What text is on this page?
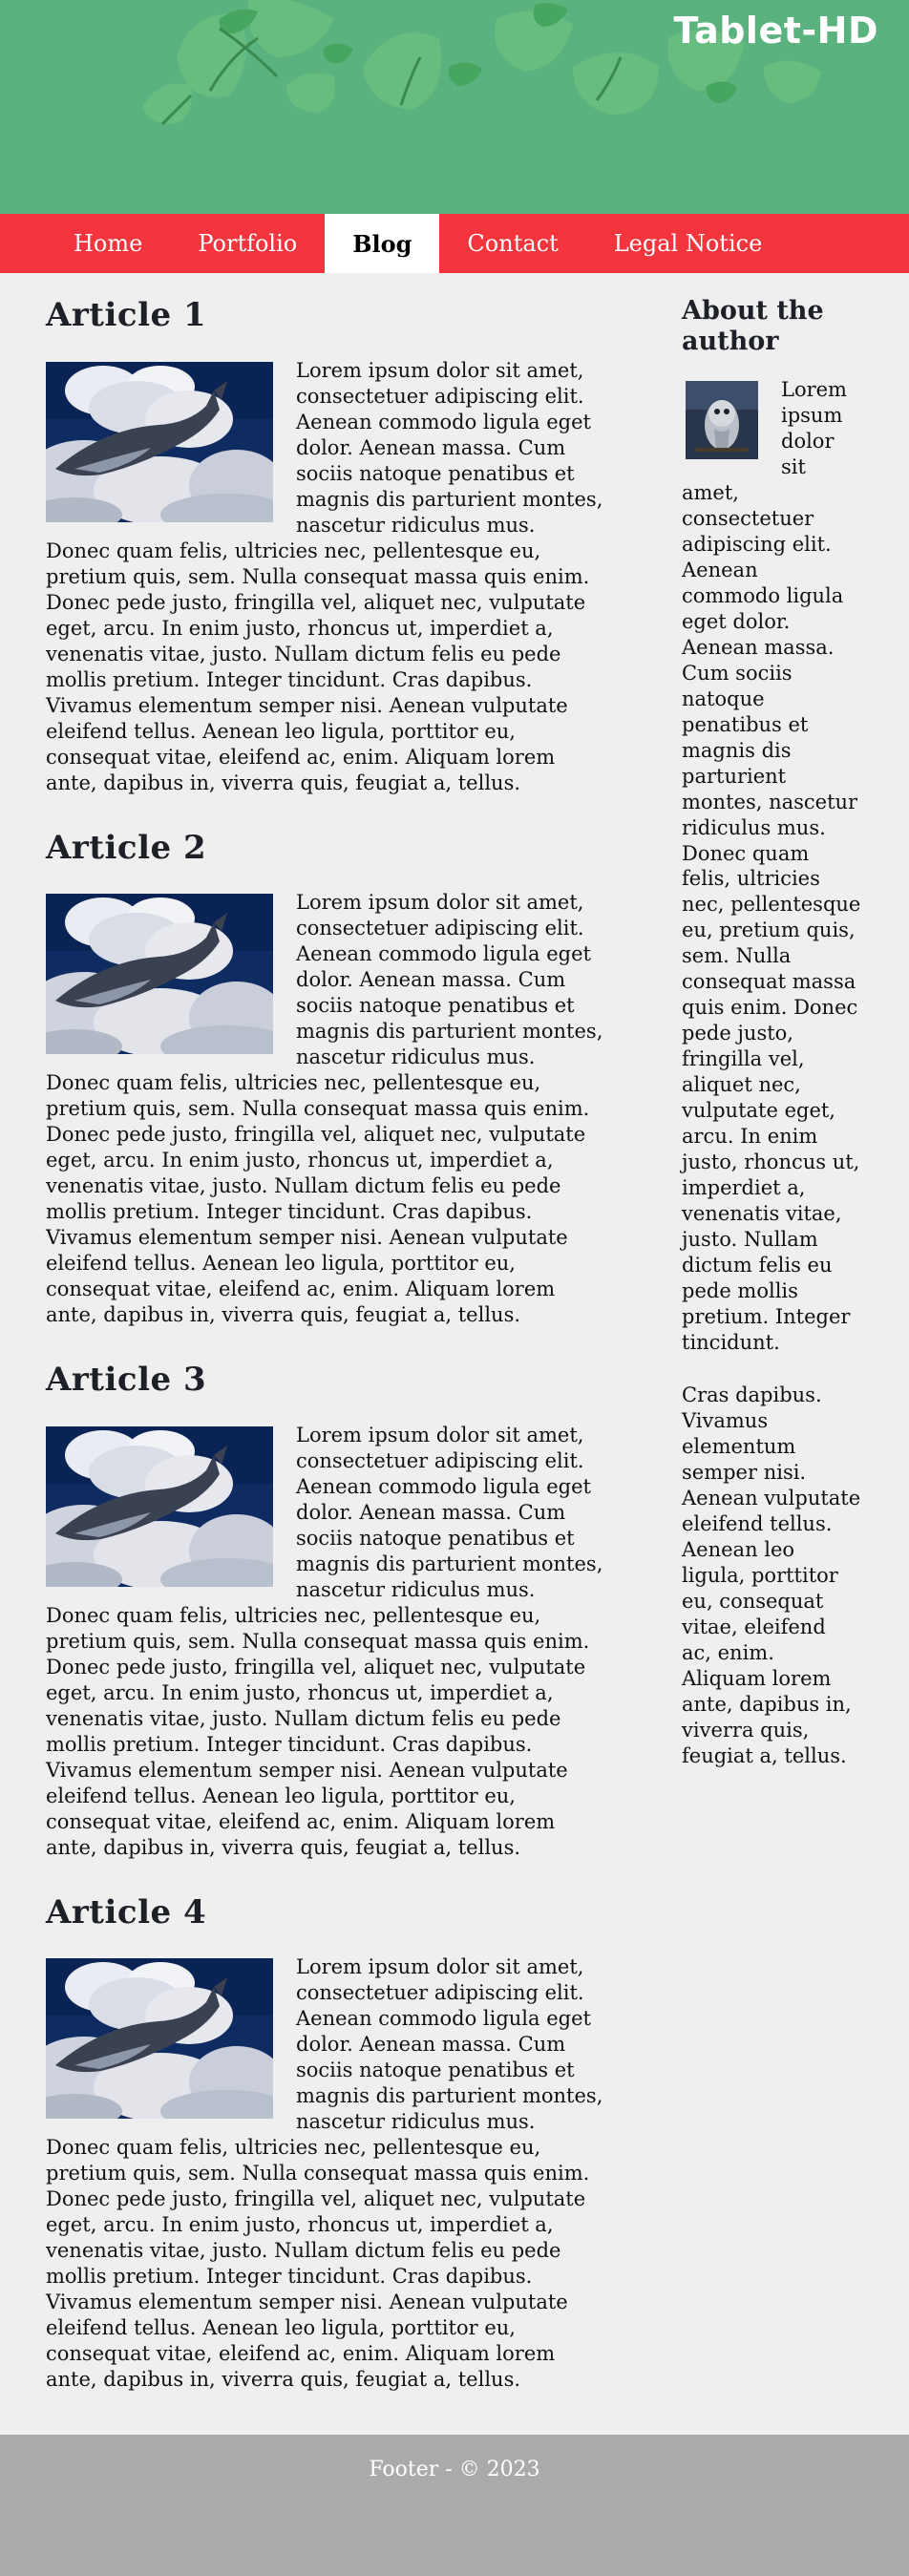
Tablet-HD
Home	Portfolio	Blog	Contact	Legal Notice
Article 1

Lorem ipsum dolor sit amet, consectetuer adipiscing elit. Aenean commodo ligula eget dolor. Aenean massa. Cum sociis natoque penatibus et magnis dis parturient montes, nascetur ridiculus mus. Donec quam felis, ultricies nec, pellentesque eu, pretium quis, sem. Nulla consequat massa quis enim. Donec pede justo, fringilla vel, aliquet nec, vulputate eget, arcu. In enim justo, rhoncus ut, imperdiet a, venenatis vitae, justo. Nullam dictum felis eu pede mollis pretium. Integer tincidunt. Cras dapibus. Vivamus elementum semper nisi. Aenean vulputate eleifend tellus. Aenean leo ligula, porttitor eu, consequat vitae, eleifend ac, enim. Aliquam lorem ante, dapibus in, viverra quis, feugiat a, tellus.

Article 2

Lorem ipsum dolor sit amet, consectetuer adipiscing elit. Aenean commodo ligula eget dolor. Aenean massa. Cum sociis natoque penatibus et magnis dis parturient montes, nascetur ridiculus mus. Donec quam felis, ultricies nec, pellentesque eu, pretium quis, sem. Nulla consequat massa quis enim. Donec pede justo, fringilla vel, aliquet nec, vulputate eget, arcu. In enim justo, rhoncus ut, imperdiet a, venenatis vitae, justo. Nullam dictum felis eu pede mollis pretium. Integer tincidunt. Cras dapibus. Vivamus elementum semper nisi. Aenean vulputate eleifend tellus. Aenean leo ligula, porttitor eu, consequat vitae, eleifend ac, enim. Aliquam lorem ante, dapibus in, viverra quis, feugiat a, tellus.

Article 3

Lorem ipsum dolor sit amet, consectetuer adipiscing elit. Aenean commodo ligula eget dolor. Aenean massa. Cum sociis natoque penatibus et magnis dis parturient montes, nascetur ridiculus mus. Donec quam felis, ultricies nec, pellentesque eu, pretium quis, sem. Nulla consequat massa quis enim. Donec pede justo, fringilla vel, aliquet nec, vulputate eget, arcu. In enim justo, rhoncus ut, imperdiet a, venenatis vitae, justo. Nullam dictum felis eu pede mollis pretium. Integer tincidunt. Cras dapibus. Vivamus elementum semper nisi. Aenean vulputate eleifend tellus. Aenean leo ligula, porttitor eu, consequat vitae, eleifend ac, enim. Aliquam lorem ante, dapibus in, viverra quis, feugiat a, tellus.

Article 4

Lorem ipsum dolor sit amet, consectetuer adipiscing elit. Aenean commodo ligula eget dolor. Aenean massa. Cum sociis natoque penatibus et magnis dis parturient montes, nascetur ridiculus mus. Donec quam felis, ultricies nec, pellentesque eu, pretium quis, sem. Nulla consequat massa quis enim. Donec pede justo, fringilla vel, aliquet nec, vulputate eget, arcu. In enim justo, rhoncus ut, imperdiet a, venenatis vitae, justo. Nullam dictum felis eu pede mollis pretium. Integer tincidunt. Cras dapibus. Vivamus elementum semper nisi. Aenean vulputate eleifend tellus. Aenean leo ligula, porttitor eu, consequat vitae, eleifend ac, enim. Aliquam lorem ante, dapibus in, viverra quis, feugiat a, tellus.

About the author

Lorem ipsum dolor sit amet, consectetuer adipiscing elit. Aenean commodo ligula eget dolor. Aenean massa. Cum sociis natoque penatibus et magnis dis parturient montes, nascetur ridiculus mus. Donec quam felis, ultricies nec, pellentesque eu, pretium quis, sem. Nulla consequat massa quis enim. Donec pede justo, fringilla vel, aliquet nec, vulputate eget, arcu. In enim justo, rhoncus ut, imperdiet a, venenatis vitae, justo. Nullam dictum felis eu pede mollis pretium. Integer tincidunt.

Cras dapibus. Vivamus elementum semper nisi. Aenean vulputate eleifend tellus. Aenean leo ligula, porttitor eu, consequat vitae, eleifend ac, enim. Aliquam lorem ante, dapibus in, viverra quis, feugiat a, tellus.

Footer - © 2023
